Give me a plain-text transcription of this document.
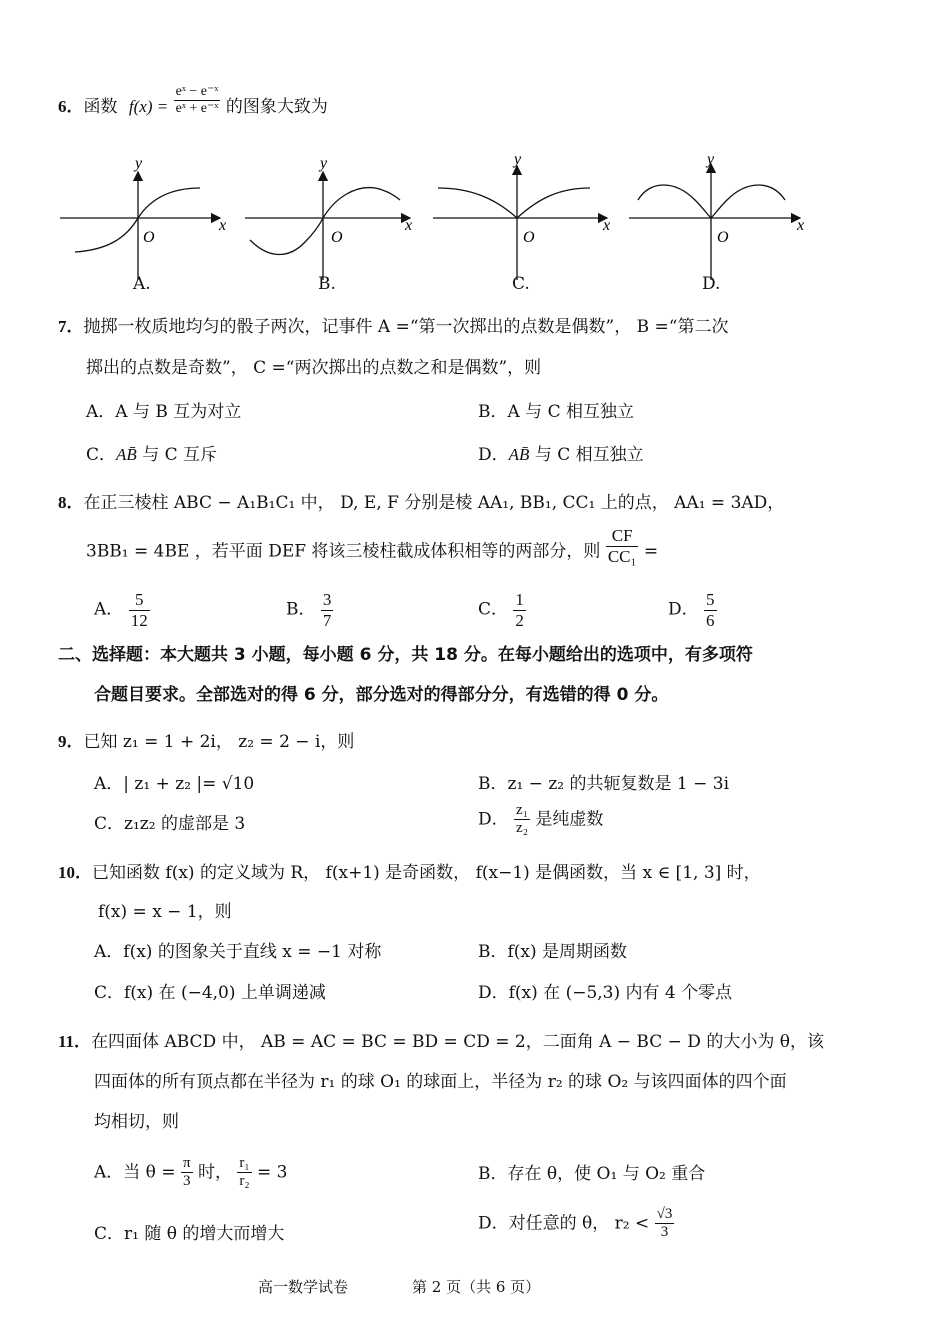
6．函数 $f(x) = \frac{\text{eˣ − e⁻ˣ}}{\text{eˣ + e⁻ˣ}}$ 的图象大致为
x
y
O
x
y
O
x
y
O
x
y
O
A.	B.	C.	D.
7．抛掷一枚质地均匀的骰子两次，记事件 A =“第一次掷出的点数是偶数”， B =“第二次
掷出的点数是奇数”， C =“两次掷出的点数之和是偶数”，则
A．A 与 B 互为对立	B．A 与 C 相互独立
C．AB̄ 与 C 互斥	D．AB̄ 与 C 相互独立
8．在正三棱柱 ABC − A₁B₁C₁ 中， D, E, F 分别是棱 AA₁, BB₁, CC₁ 上的点， AA₁ = 3AD，
3BB₁ = 4BE ，若平面 DEF 将该三棱柱截成体积相等的两部分，则 $\frac{CF}{\text{CC₁}}$ =
A． $\frac{5}{12}$	B． $\frac{3}{7}$	C． $\frac{1}{2}$	D． $\frac{5}{6}$
二、选择题：本大题共 3 小题，每小题 6 分，共 18 分。在每小题给出的选项中，有多项符
合题目要求。全部选对的得 6 分，部分选对的得部分分，有选错的得 0 分。
9．已知 z₁ = 1 + 2i， z₂ = 2 − i，则
A．| z₁ + z₂ |= √10	B．z₁ − z₂ 的共轭复数是 1 − 3i
C．z₁z₂ 的虚部是 3	D． $\frac{\text{z₁}}{\text{z₂}}$ 是纯虚数
10．已知函数 f(x) 的定义域为 R， f(x+1) 是奇函数， f(x−1) 是偶函数，当 x ∈ [1, 3] 时，
f(x) = x − 1，则
A．f(x) 的图象关于直线 x = −1 对称	B．f(x) 是周期函数
C．f(x) 在 (−4,0) 上单调递减	D．f(x) 在 (−5,3) 内有 4 个零点
11．在四面体 ABCD 中， AB = AC = BC = BD = CD = 2，二面角 A − BC − D 的大小为 θ，该
四面体的所有顶点都在半径为 r₁ 的球 O₁ 的球面上，半径为 r₂ 的球 O₂ 与该四面体的四个面
均相切，则
A．当 $\theta = \frac{\pi}{3}$ 时， $\frac{\text{r₁}}{\text{r₂}} = 3$	B．存在 θ，使 O₁ 与 O₂ 重合
C．r₁ 随 θ 的增大而增大
D．对任意的 θ， $r_2 < \frac{√3}{3}$
高一数学试卷	第 2 页（共 6 页）
